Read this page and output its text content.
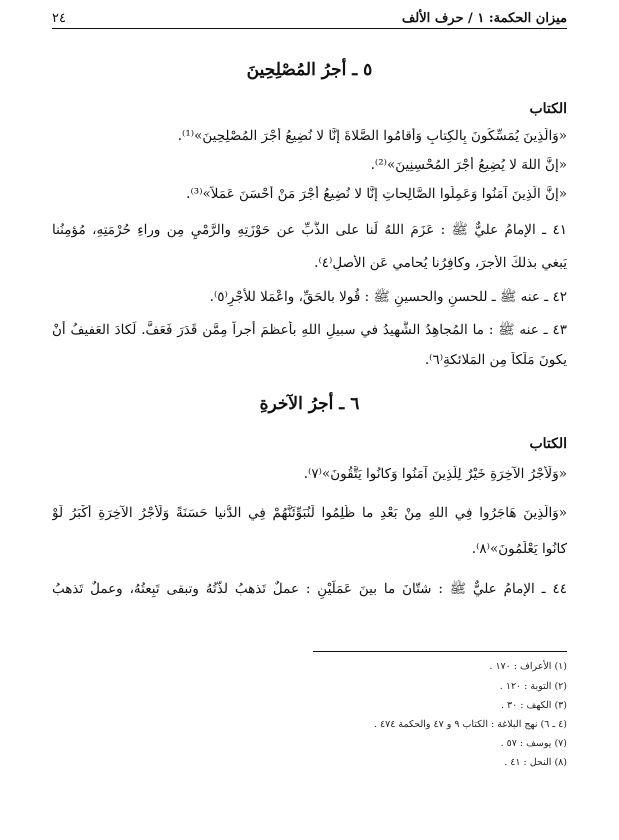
ميزان الحكمة: ١ / حرف الألف
٢٤
٥ ـ أجرُ المُصْلِحِينَ
الكتاب
«وَالَّذِينَ يُمَسِّكُونَ بِالكِتابِ وَأَقامُوا الصَّلاةَ إِنَّا لا نُضِيعُ أَجْرَ المُصْلِحِينَ»⁽¹⁾.
«إِنَّ اللهَ لا يُضِيعُ أَجْرَ المُحْسِنِينَ»⁽²⁾.
«إِنَّ الَّذِينَ آمَنُوا وَعَمِلُوا الصَّالِحاتِ إِنَّا لا نُضِيعُ أَجْرَ مَنْ أَحْسَنَ عَمَلاً»⁽³⁾.
٤١ ـ الإمامُ عليٌّ ﷺ : عَزَمَ اللهُ لَنا على الذَّبِّ عن حَوْزَتِهِ والرَّمْيِ مِن وراءِ حُرْمَتِهِ، مُؤمِنُنا
يَبغي بذلكَ الأجرَ، وكافِرُنا يُحامي عَنِ الأصلِ⁽٤⁾.
٤٢ ـ عنه ﷺ ـ للحسنِ والحسينِ ﷺ : قُولا بالحَقِّ، واعْمَلا للأجْرِ⁽٥⁾.
٤٣ ـ عنه ﷺ : ما المُجاهِدُ الشَّهيدُ في سبيلِ اللهِ بأعظمَ أجراً مِمَّن قَدَرَ فَعَفَّ. لَكادَ العَفيفُ أنْ
يكونَ مَلَكاً مِن المَلائكةِ⁽٦⁾.
٦ ـ أجرُ الآخرةِ
الكتاب
«وَلَأَجْرُ الآخِرَةِ خَيْرٌ لِلَّذِينَ آمَنُوا وَكانُوا يَتَّقُونَ»⁽٧⁾.
«وَالَّذِينَ هَاجَرُوا فِي اللهِ مِنْ بَعْدِ ما ظُلِمُوا لَنُبَوِّئَنَّهُمْ فِي الدُّنيا حَسَنَةً وَلَأَجْرُ الآخِرَةِ أَكْبَرُ لَوْ
كانُوا يَعْلَمُونَ»⁽٨⁾.
٤٤ ـ الإمامُ عليٌّ ﷺ : شتّانَ ما بينَ عَمَلَيْنِ : عملٌ تَذهبُ لذّتُهُ وتبقى تَبِعتُهُ، وعملٌ تَذهبُ
(١) الأعراف : ١٧٠ .
(٢) التوبة : ١٢٠ .
(٣) الكهف : ٣٠ .
(٤ ـ ٦) نهج البلاغة : الكتاب ٩ و ٤٧ والحكمة ٤٧٤ .
(٧) يوسف : ٥٧ .
(٨) النحل : ٤١ .
